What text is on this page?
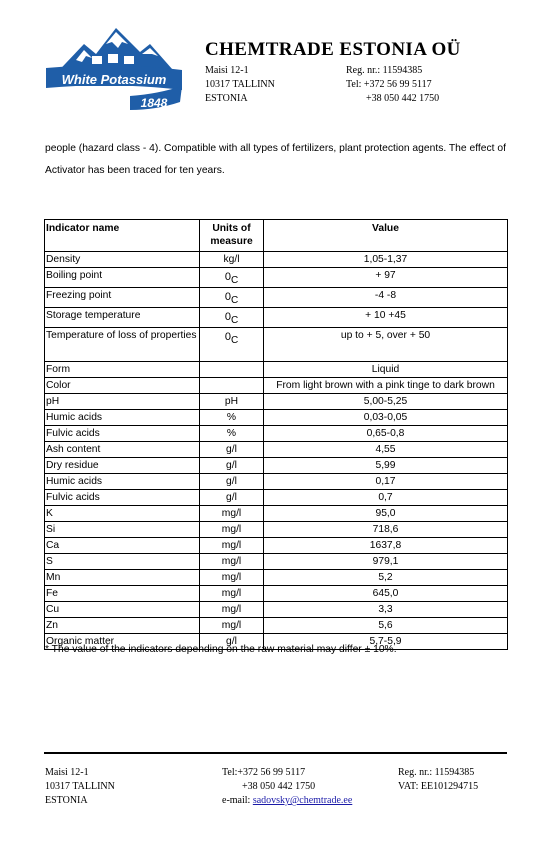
White Potassium
1848
CHEMTRADE ESTONIA OÜ
Maisi 12-1
10317 TALLINN
ESTONIA
Reg. nr.: 11594385
Tel: +372 56 99 5117
+38 050 442 1750
people (hazard class - 4). Compatible with all types of fertilizers, plant protection agents. The effect of Activator has been traced for ten years.
Indicator name	Units of measure	Value
Density	kg/l	1,05-1,37
Boiling point	$0_C$	+ 97
Freezing point	$0_C$	-4 -8
Storage temperature	$0_C$	+ 10 +45
Temperature of loss of properties	$0_C$	up to + 5, over + 50
Form		Liquid
Color		From light brown with a pink tinge to dark brown
pH	pH	5,00-5,25
Humic acids	%	0,03-0,05
Fulvic acids	%	0,65-0,8
Ash content	g/l	4,55
Dry residue	g/l	5,99
Humic acids	g/l	0,17
Fulvic acids	g/l	0,7
K	mg/l	95,0
Si	mg/l	718,6
Ca	mg/l	1637,8
S	mg/l	979,1
Mn	mg/l	5,2
Fe	mg/l	645,0
Cu	mg/l	3,3
Zn	mg/l	5,6
Organic matter	g/l	5,7-5,9
* The value of the indicators depending on the raw material may differ ± 10%.
Maisi 12-1
10317 TALLINN
ESTONIA
Tel:+372 56 99 5117
+38 050 442 1750
e-mail: sadovsky@chemtrade.ee
Reg. nr.: 11594385
VAT: EE101294715
